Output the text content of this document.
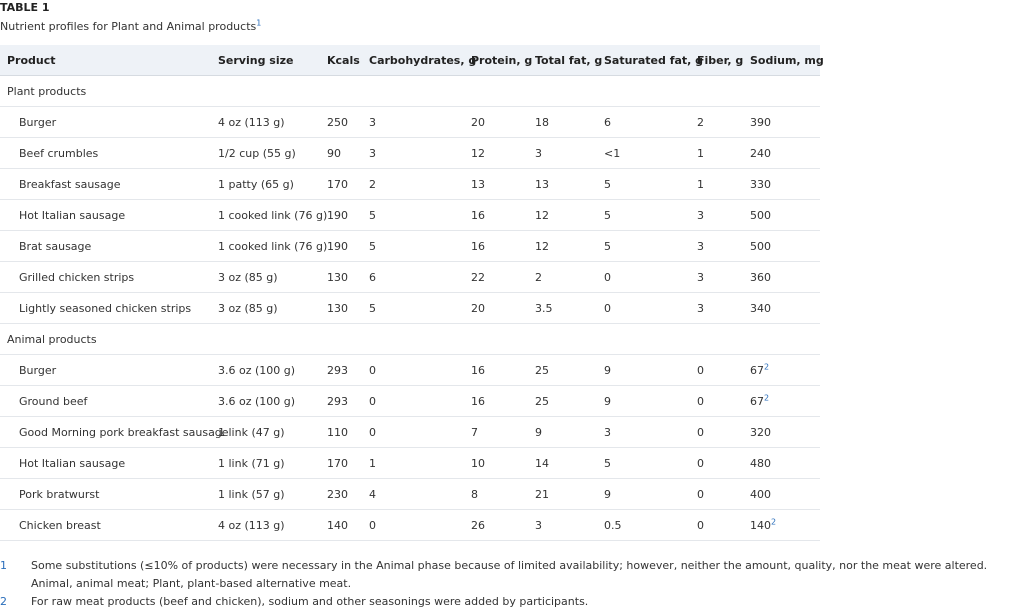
TABLE 1
Nutrient profiles for Plant and Animal products$^1$
Product	Serving size	Kcals	Carbohydrates, g	Protein, g	Total fat, g	Saturated fat, g	Fiber, g	Sodium, mg
Plant products								
Burger	4 oz (113 g)	250	3	20	18	6	2	390
Beef crumbles	1/2 cup (55 g)	90	3	12	3	<1	1	240
Breakfast sausage	1 patty (65 g)	170	2	13	13	5	1	330
Hot Italian sausage	1 cooked link (76 g)	190	5	16	12	5	3	500
Brat sausage	1 cooked link (76 g)	190	5	16	12	5	3	500
Grilled chicken strips	3 oz (85 g)	130	6	22	2	0	3	360
Lightly seasoned chicken strips	3 oz (85 g)	130	5	20	3.5	0	3	340
Animal products								
Burger	3.6 oz (100 g)	293	0	16	25	9	0	$67^2$
Ground beef	3.6 oz (100 g)	293	0	16	25	9	0	$67^2$
Good Morning pork breakfast sausage	1 link (47 g)	110	0	7	9	3	0	320
Hot Italian sausage	1 link (71 g)	170	1	10	14	5	0	480
Pork bratwurst	1 link (57 g)	230	4	8	21	9	0	400
Chicken breast	4 oz (113 g)	140	0	26	3	0.5	0	$140^2$
1	Some substitutions (≤10% of products) were necessary in the Animal phase because of limited availability; however, neither the amount, quality, nor the meat were altered. Animal, animal meat; Plant, plant-based alternative meat.
2	For raw meat products (beef and chicken), sodium and other seasonings were added by participants.
